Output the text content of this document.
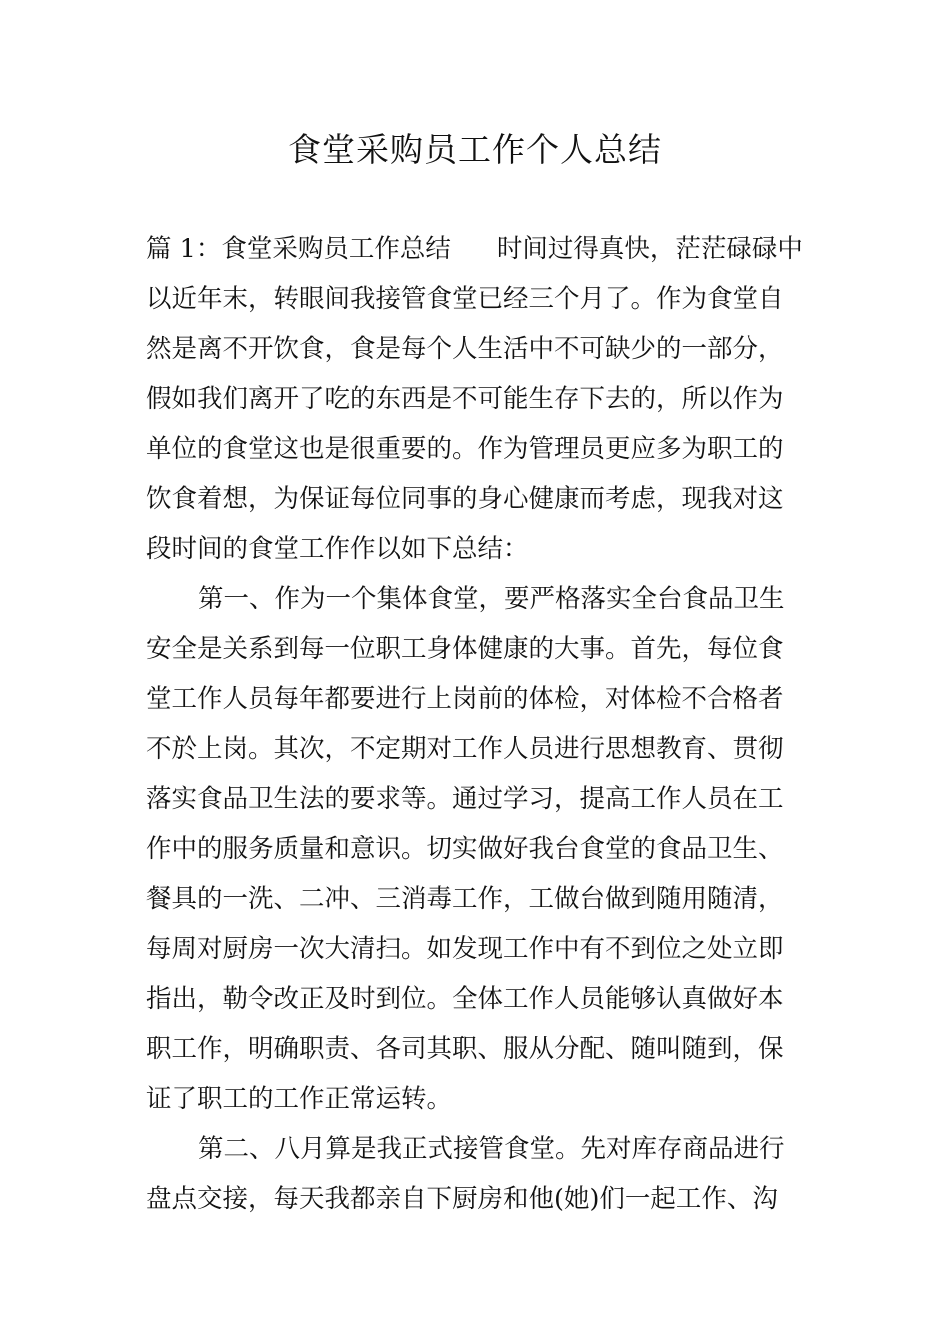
食堂采购员工作个人总结
篇 1：食堂采购员工作总结 时间过得真快，茫茫碌碌中
以近年末，转眼间我接管食堂已经三个月了。作为食堂自
然是离不开饮食，食是每个人生活中不可缺少的一部分，
假如我们离开了吃的东西是不可能生存下去的，所以作为
单位的食堂这也是很重要的。作为管理员更应多为职工的
饮食着想，为保证每位同事的身心健康而考虑，现我对这
段时间的食堂工作作以如下总结：
第一、作为一个集体食堂，要严格落实全台食品卫生
安全是关系到每一位职工身体健康的大事。首先，每位食
堂工作人员每年都要进行上岗前的体检，对体检不合格者
不於上岗。其次，不定期对工作人员进行思想教育、贯彻
落实食品卫生法的要求等。通过学习，提高工作人员在工
作中的服务质量和意识。切实做好我台食堂的食品卫生、
餐具的一洗、二冲、三消毒工作，工做台做到随用随清，
每周对厨房一次大清扫。如发现工作中有不到位之处立即
指出，勒令改正及时到位。全体工作人员能够认真做好本
职工作，明确职责、各司其职、服从分配、随叫随到，保
证了职工的工作正常运转。
第二、八月算是我正式接管食堂。先对库存商品进行
盘点交接，每天我都亲自下厨房和他(她)们一起工作、沟
